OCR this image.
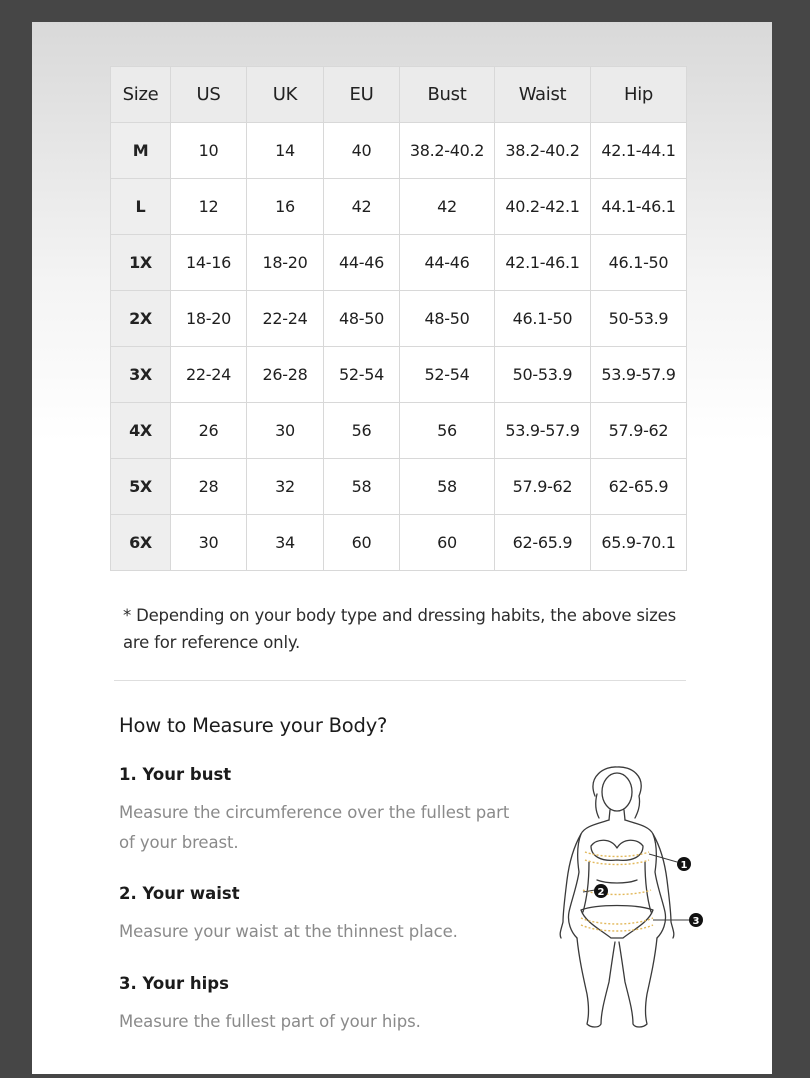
Size	US	UK	EU	Bust	Waist	Hip
M	10	14	40	38.2-40.2	38.2-40.2	42.1-44.1
L	12	16	42	42	40.2-42.1	44.1-46.1
1X	14-16	18-20	44-46	44-46	42.1-46.1	46.1-50
2X	18-20	22-24	48-50	48-50	46.1-50	50-53.9
3X	22-24	26-28	52-54	52-54	50-53.9	53.9-57.9
4X	26	30	56	56	53.9-57.9	57.9-62
5X	28	32	58	58	57.9-62	62-65.9
6X	30	34	60	60	62-65.9	65.9-70.1
* Depending on your body type and dressing habits, the above sizes are for reference only.
How to Measure your Body?
1. Your bust
Measure the circumference over the fullest part of your breast.
2. Your waist
Measure your waist at the thinnest place.
3. Your hips
Measure the fullest part of your hips.
1
2
3
